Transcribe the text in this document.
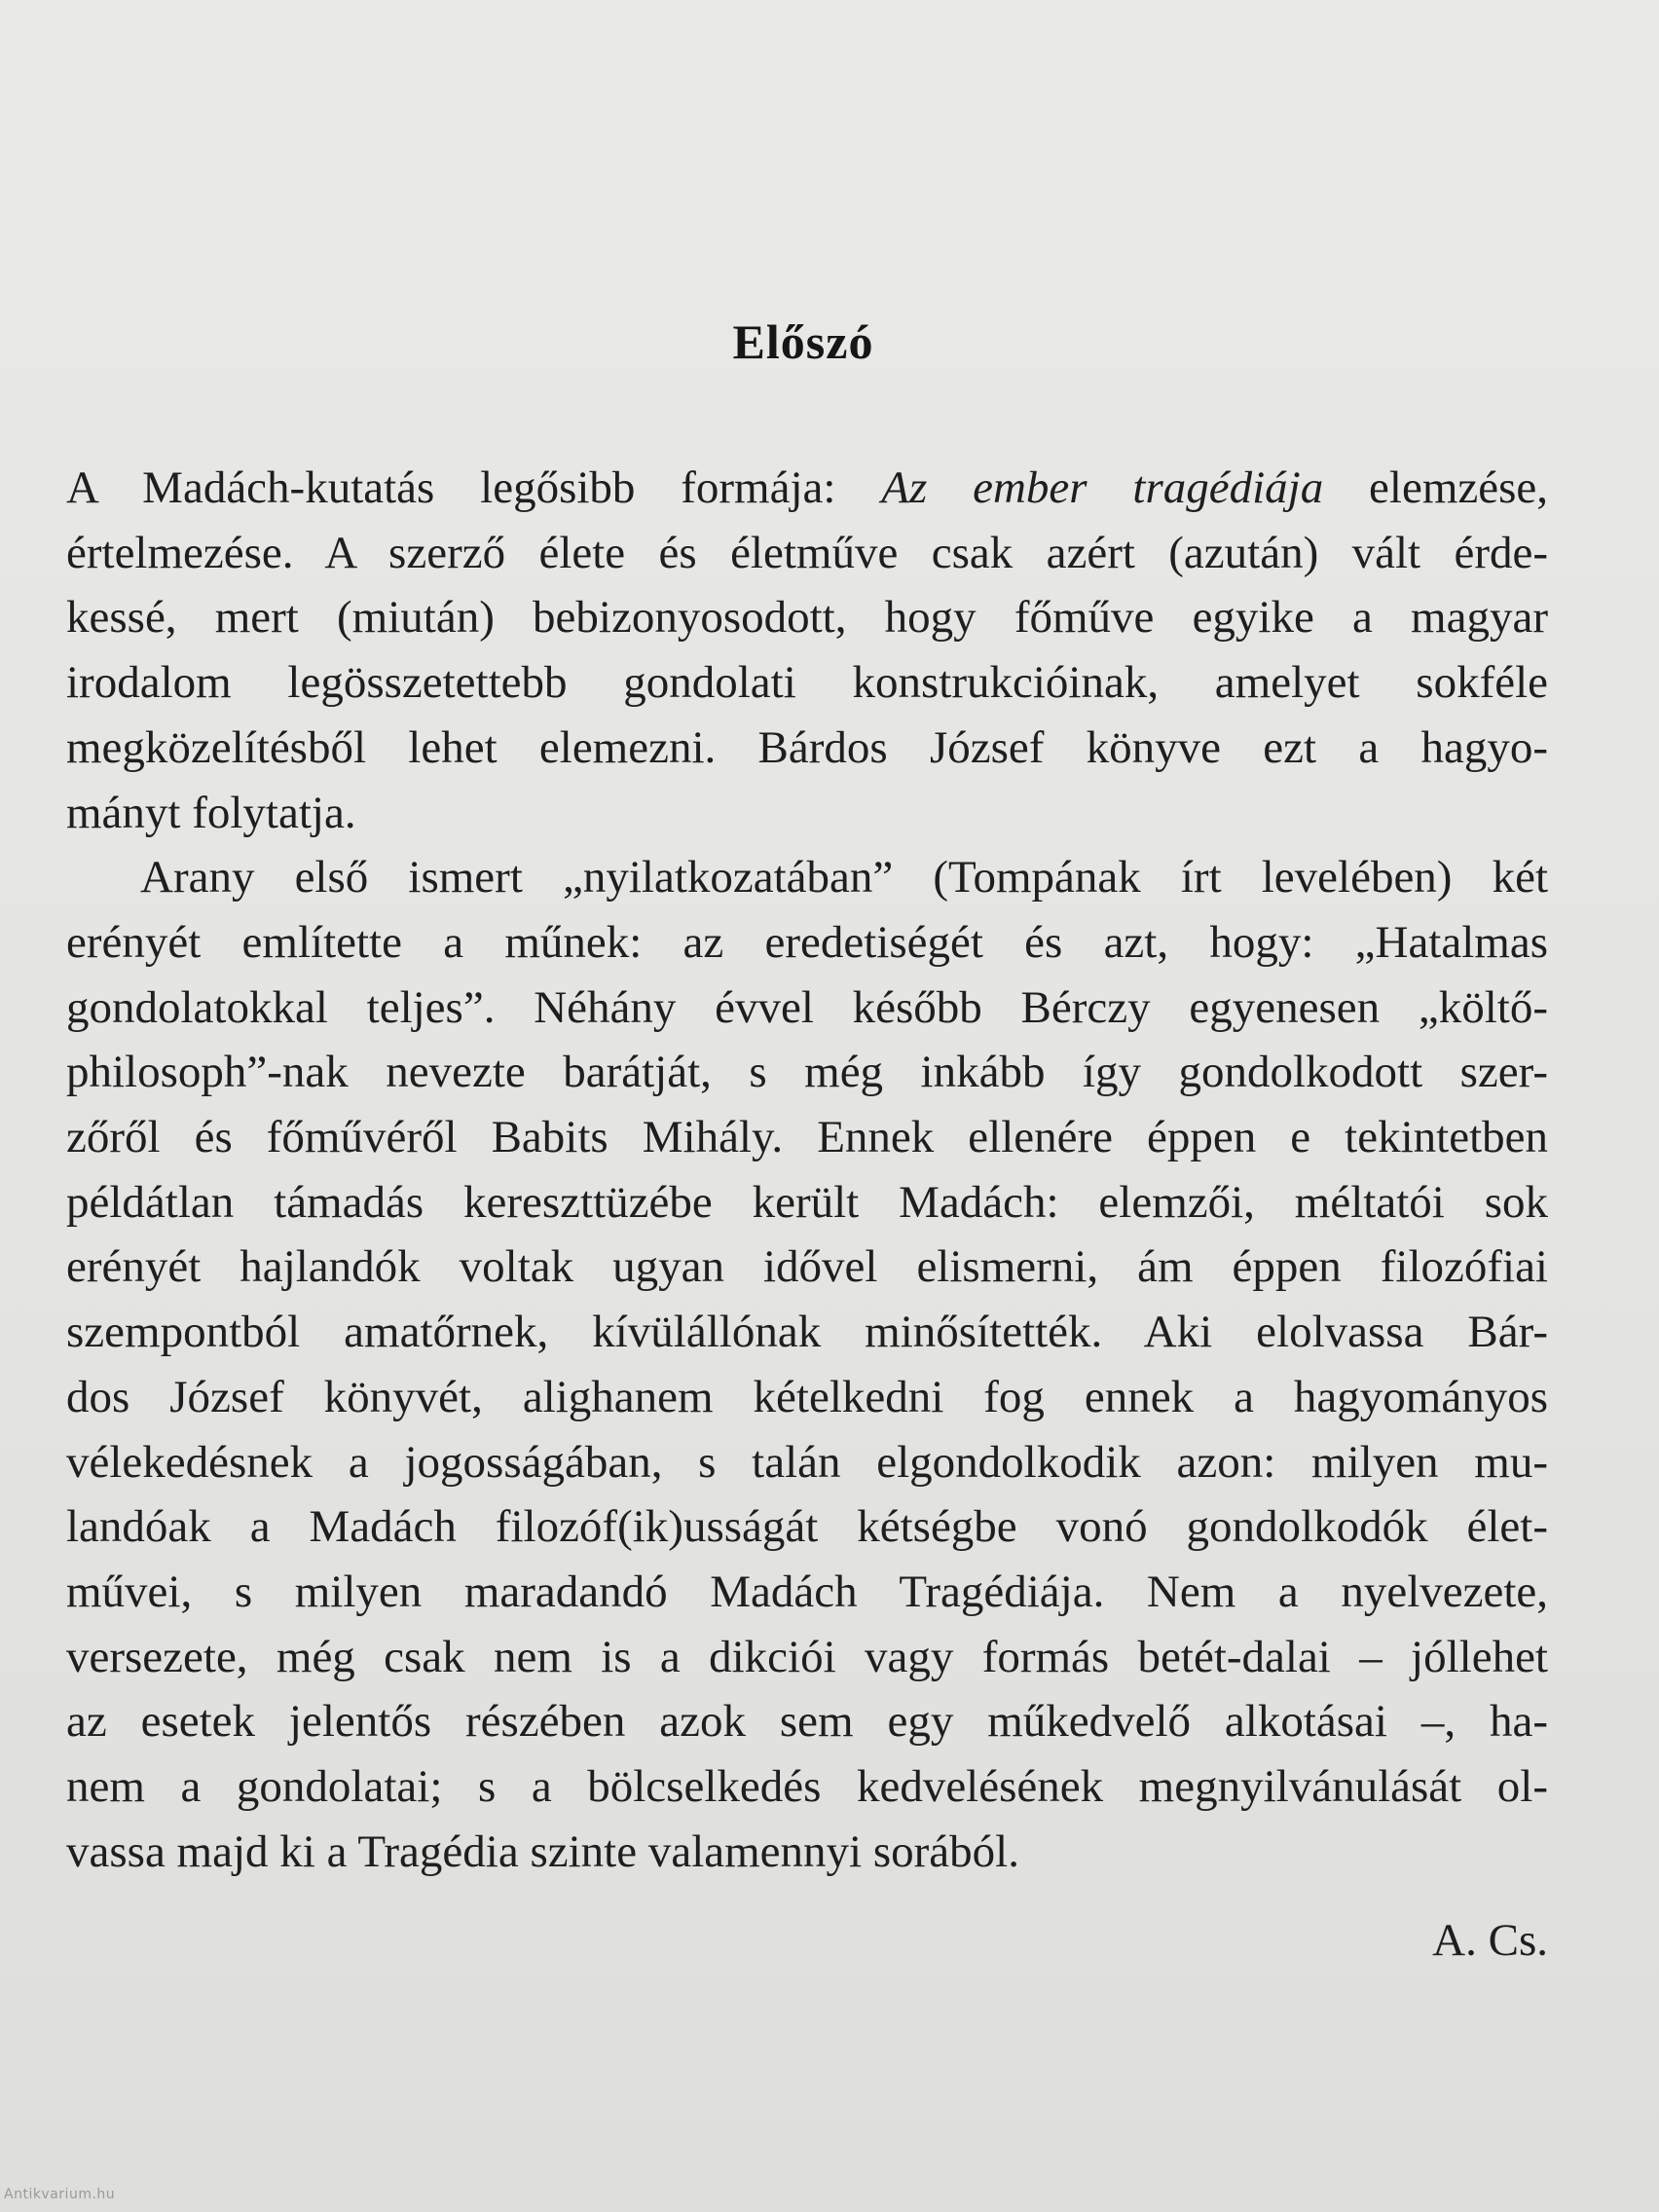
Előszó

A Madách-kutatás legősibb formája: Az ember tragédiája elemzése,
értelmezése. A szerző élete és életműve csak azért (azután) vált érde-
kessé, mert (miután) bebizonyosodott, hogy főműve egyike a magyar
irodalom legösszetettebb gondolati konstrukcióinak, amelyet sokféle
megközelítésből lehet elemezni. Bárdos József könyve ezt a hagyo-
mányt folytatja.

Arany első ismert „nyilatkozatában” (Tompának írt levelében) két
erényét említette a műnek: az eredetiségét és azt, hogy: „Hatalmas
gondolatokkal teljes”. Néhány évvel később Bérczy egyenesen „költő-
philosoph”-nak nevezte barátját, s még inkább így gondolkodott szer-
zőről és főművéről Babits Mihály. Ennek ellenére éppen e tekintetben
példátlan támadás kereszttüzébe került Madách: elemzői, méltatói sok
erényét hajlandók voltak ugyan idővel elismerni, ám éppen filozófiai
szempontból amatőrnek, kívülállónak minősítették. Aki elolvassa Bár-
dos József könyvét, alighanem kételkedni fog ennek a hagyományos
vélekedésnek a jogosságában, s talán elgondolkodik azon: milyen mu-
landóak a Madách filozóf(ik)usságát kétségbe vonó gondolkodók élet-
művei, s milyen maradandó Madách Tragédiája. Nem a nyelvezete,
versezete, még csak nem is a dikciói vagy formás betét-dalai – jóllehet
az esetek jelentős részében azok sem egy műkedvelő alkotásai –, ha-
nem a gondolatai; s a bölcselkedés kedvelésének megnyilvánulását ol-
vassa majd ki a Tragédia szinte valamennyi sorából.

A. Cs.
Antikvarium.hu
